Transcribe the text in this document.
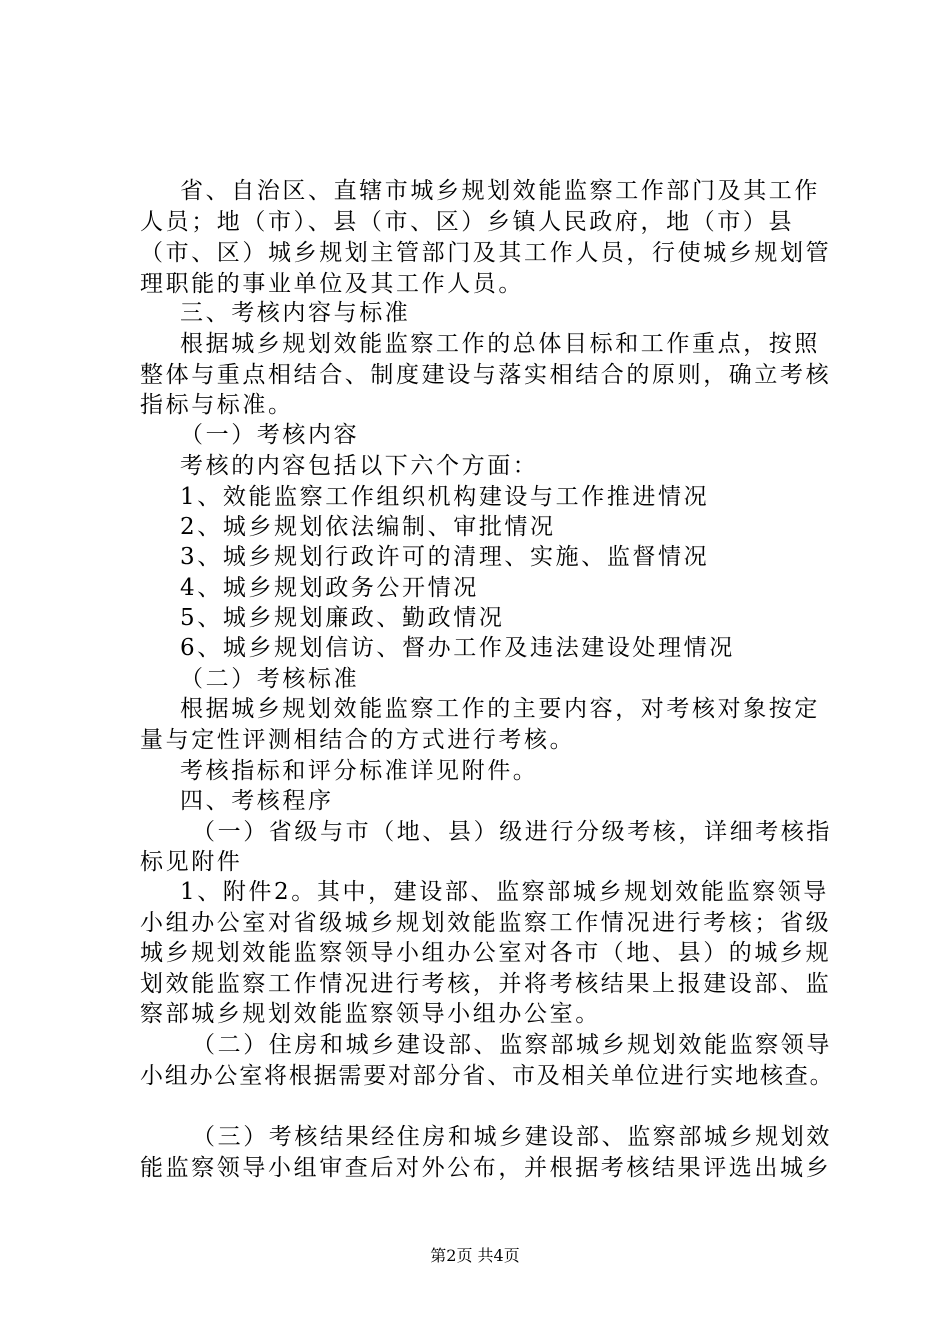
省、自治区、直辖市城乡规划效能监察工作部门及其工作
人员；地（市）、县（市、区）乡镇人民政府，地（市）县
（市、区）城乡规划主管部门及其工作人员，行使城乡规划管
理职能的事业单位及其工作人员。
三、考核内容与标准
根据城乡规划效能监察工作的总体目标和工作重点，按照
整体与重点相结合、制度建设与落实相结合的原则，确立考核
指标与标准。
（一）考核内容
考核的内容包括以下六个方面：
1、效能监察工作组织机构建设与工作推进情况
2、城乡规划依法编制、审批情况
3、城乡规划行政许可的清理、实施、监督情况
4、城乡规划政务公开情况
5、城乡规划廉政、勤政情况
6、城乡规划信访、督办工作及违法建设处理情况
（二）考核标准
根据城乡规划效能监察工作的主要内容，对考核对象按定
量与定性评测相结合的方式进行考核。
考核指标和评分标准详见附件。
四、考核程序
（一）省级与市（地、县）级进行分级考核，详细考核指
标见附件
1、附件2。其中，建设部、监察部城乡规划效能监察领导
小组办公室对省级城乡规划效能监察工作情况进行考核；省级
城乡规划效能监察领导小组办公室对各市（地、县）的城乡规
划效能监察工作情况进行考核，并将考核结果上报建设部、监
察部城乡规划效能监察领导小组办公室。
（二）住房和城乡建设部、监察部城乡规划效能监察领导
小组办公室将根据需要对部分省、市及相关单位进行实地核查。
（三）考核结果经住房和城乡建设部、监察部城乡规划效
能监察领导小组审查后对外公布，并根据考核结果评选出城乡
第2页 共4页
